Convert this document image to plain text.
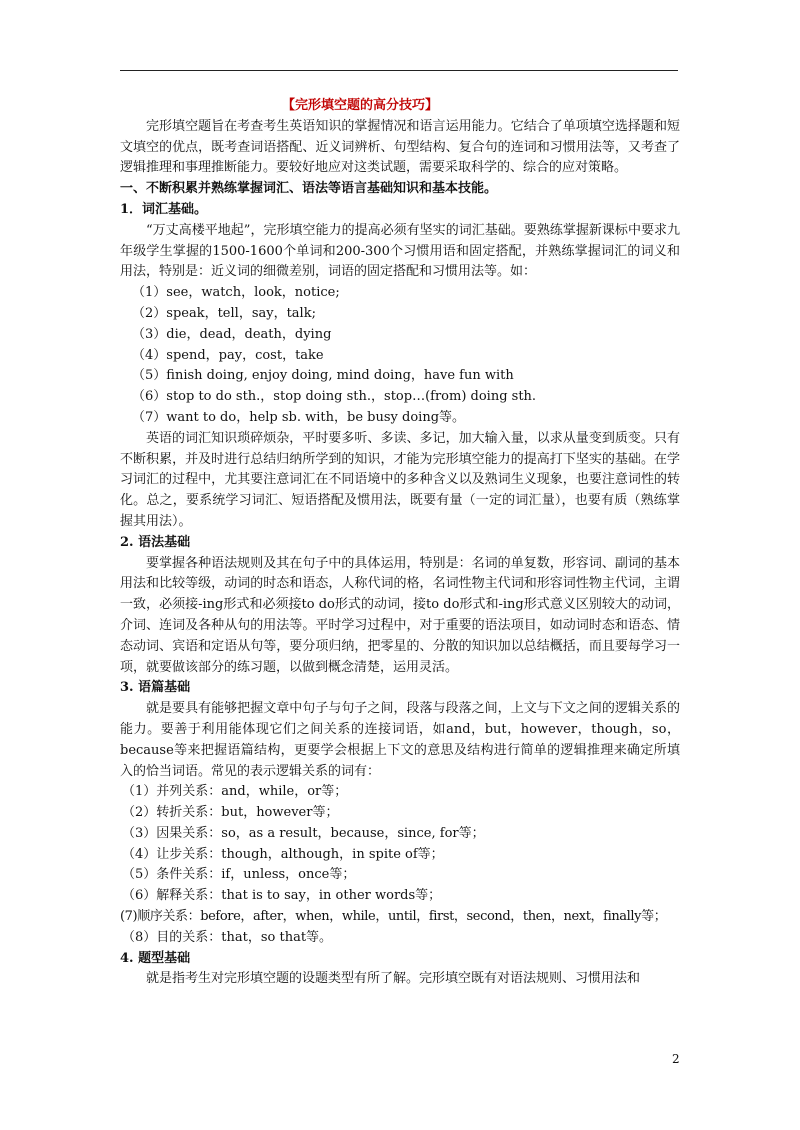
【完形填空题的高分技巧】
完形填空题旨在考查考生英语知识的掌握情况和语言运用能力。它结合了单项填空选择题和短文填空的优点，既考查词语搭配、近义词辨析、句型结构、复合句的连词和习惯用法等，又考查了逻辑推理和事理推断能力。要较好地应对这类试题，需要采取科学的、综合的应对策略。
一、不断积累并熟练掌握词汇、语法等语言基础知识和基本技能。
1．词汇基础。
“万丈高楼平地起”，完形填空能力的提高必须有坚实的词汇基础。要熟练掌握新课标中要求九年级学生掌握的1500-1600个单词和200-300个习惯用语和固定搭配，并熟练掌握词汇的词义和用法，特别是：近义词的细微差别，词语的固定搭配和习惯用法等。如：
（1）see，watch，look，notice;
（2）speak，tell，say，talk;
（3）die，dead，death，dying
（4）spend，pay，cost，take
（5）finish doing, enjoy doing, mind doing，have fun with
（6）stop to do sth.，stop doing sth.，stop…(from) doing sth.
（7）want to do，help sb. with，be busy doing等。
英语的词汇知识琐碎烦杂，平时要多听、多读、多记，加大输入量，以求从量变到质变。只有不断积累，并及时进行总结归纳所学到的知识，才能为完形填空能力的提高打下坚实的基础。在学习词汇的过程中，尤其要注意词汇在不同语境中的多种含义以及熟词生义现象，也要注意词性的转化。总之，要系统学习词汇、短语搭配及惯用法，既要有量（一定的词汇量），也要有质（熟练掌握其用法）。
2. 语法基础
要掌握各种语法规则及其在句子中的具体运用，特别是：名词的单复数，形容词、副词的基本用法和比较等级，动词的时态和语态，人称代词的格，名词性物主代词和形容词性物主代词，主谓一致，必须接-ing形式和必须接to do形式的动词，接to do形式和-ing形式意义区别较大的动词，介词、连词及各种从句的用法等。平时学习过程中，对于重要的语法项目，如动词时态和语态、情态动词、宾语和定语从句等，要分项归纳，把零星的、分散的知识加以总结概括，而且要每学习一项，就要做该部分的练习题，以做到概念清楚，运用灵活。
3. 语篇基础
就是要具有能够把握文章中句子与句子之间，段落与段落之间，上文与下文之间的逻辑关系的能力。要善于利用能体现它们之间关系的连接词语，如and，but，however，though，so，because等来把握语篇结构，更要学会根据上下文的意思及结构进行简单的逻辑推理来确定所填入的恰当词语。常见的表示逻辑关系的词有：
（1）并列关系：and，while，or等；
（2）转折关系：but，however等；
（3）因果关系：so，as a result，because，since, for等；
（4）让步关系：though，although，in spite of等；
（5）条件关系：if，unless，once等；
（6）解释关系：that is to say，in other words等；
(7)顺序关系：before，after，when，while，until，first，second，then，next，finally等；
（8）目的关系：that，so that等。
4. 题型基础
就是指考生对完形填空题的设题类型有所了解。完形填空既有对语法规则、习惯用法和
2
